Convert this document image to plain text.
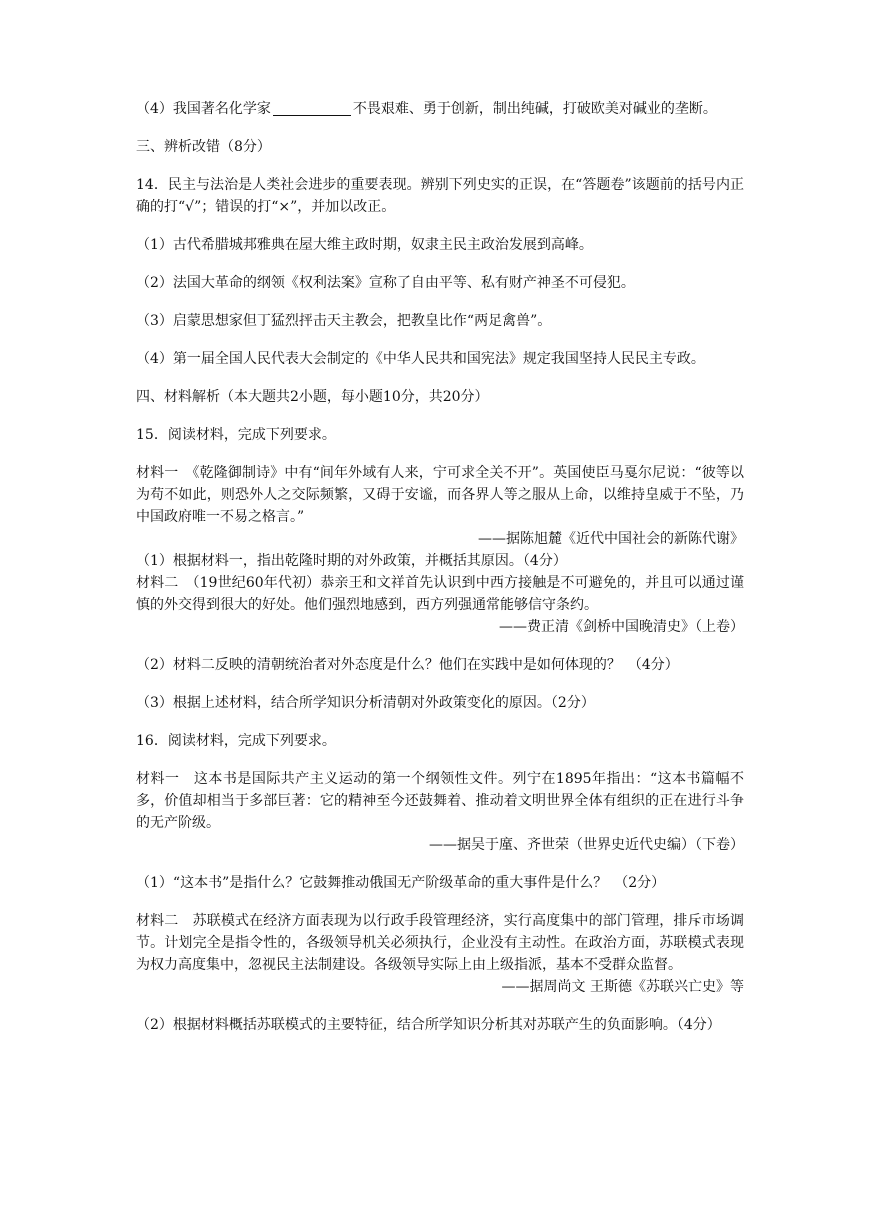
（4）我国著名化学家	不畏艰难、勇于创新，制出纯碱，打破欧美对碱业的垄断。

三、辨析改错（8分）

14．民主与法治是人类社会进步的重要表现。辨别下列史实的正误，在“答题卷”该题前的括号内正确的打“√”；错误的打“×”，并加以改正。

（1）古代希腊城邦雅典在屋大维主政时期，奴隶主民主政治发展到高峰。

（2）法国大革命的纲领《权利法案》宣称了自由平等、私有财产神圣不可侵犯。

（3）启蒙思想家但丁猛烈抨击天主教会，把教皇比作“两足禽兽”。

（4）第一届全国人民代表大会制定的《中华人民共和国宪法》规定我国坚持人民民主专政。

四、材料解析（本大题共2小题，每小题10分，共20分）

15．阅读材料，完成下列要求。

材料一　《乾隆御制诗》中有“间年外域有人来，宁可求全关不开”。英国使臣马戛尔尼说：“彼等以为苟不如此，则恐外人之交际频繁，又碍于安谧，而各界人等之服从上命，以维持皇威于不坠，乃中国政府唯一不易之格言。”

——据陈旭麓《近代中国社会的新陈代谢》

（1）根据材料一，指出乾隆时期的对外政策，并概括其原因。（4分）

材料二　（19世纪60年代初）恭亲王和文祥首先认识到中西方接触是不可避免的，并且可以通过谨慎的外交得到很大的好处。他们强烈地感到，西方列强通常能够信守条约。

——费正清《剑桥中国晚清史》（上卷）

（2）材料二反映的清朝统治者对外态度是什么？他们在实践中是如何体现的？　（4分）

（3）根据上述材料，结合所学知识分析清朝对外政策变化的原因。（2分）

16．阅读材料，完成下列要求。

材料一　这本书是国际共产主义运动的第一个纲领性文件。列宁在1895年指出：“这本书篇幅不多，价值却相当于多部巨著：它的精神至今还鼓舞着、推动着文明世界全体有组织的正在进行斗争的无产阶级。

——据吴于廑、齐世荣（世界史近代史编）（下卷）

（1）“这本书”是指什么？它鼓舞推动俄国无产阶级革命的重大事件是什么？　（2分）

材料二　苏联模式在经济方面表现为以行政手段管理经济，实行高度集中的部门管理，排斥市场调节。计划完全是指令性的，各级领导机关必须执行，企业没有主动性。在政治方面，苏联模式表现为权力高度集中，忽视民主法制建设。各级领导实际上由上级指派，基本不受群众监督。

——据周尚文 王斯德《苏联兴亡史》等

（2）根据材料概括苏联模式的主要特征，结合所学知识分析其对苏联产生的负面影响。（4分）
